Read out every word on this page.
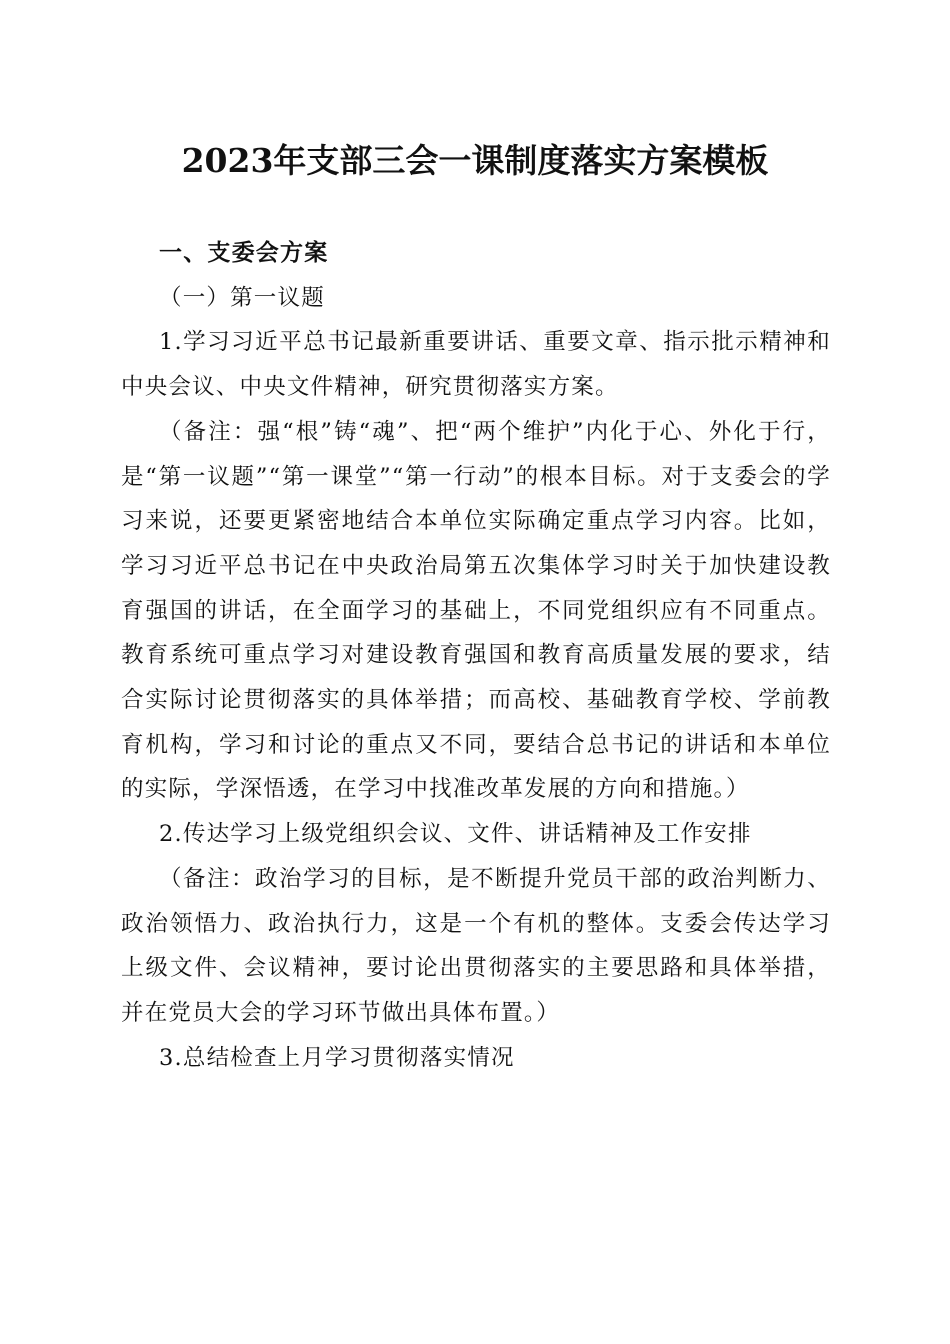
2023年支部三会一课制度落实方案模板

一、支委会方案

（一）第一议题

1.学习习近平总书记最新重要讲话、重要文章、指示批示精神和中央会议、中央文件精神，研究贯彻落实方案。

（备注：强“根”铸“魂”、把“两个维护”内化于心、外化于行，是“第一议题”“第一课堂”“第一行动”的根本目标。对于支委会的学习来说，还要更紧密地结合本单位实际确定重点学习内容。比如，学习习近平总书记在中央政治局第五次集体学习时关于加快建设教育强国的讲话，在全面学习的基础上，不同党组织应有不同重点。教育系统可重点学习对建设教育强国和教育高质量发展的要求，结合实际讨论贯彻落实的具体举措；而高校、基础教育学校、学前教育机构，学习和讨论的重点又不同，要结合总书记的讲话和本单位的实际，学深悟透，在学习中找准改革发展的方向和措施。）

2.传达学习上级党组织会议、文件、讲话精神及工作安排

（备注：政治学习的目标，是不断提升党员干部的政治判断力、政治领悟力、政治执行力，这是一个有机的整体。支委会传达学习上级文件、会议精神，要讨论出贯彻落实的主要思路和具体举措，并在党员大会的学习环节做出具体布置。）

3.总结检查上月学习贯彻落实情况
